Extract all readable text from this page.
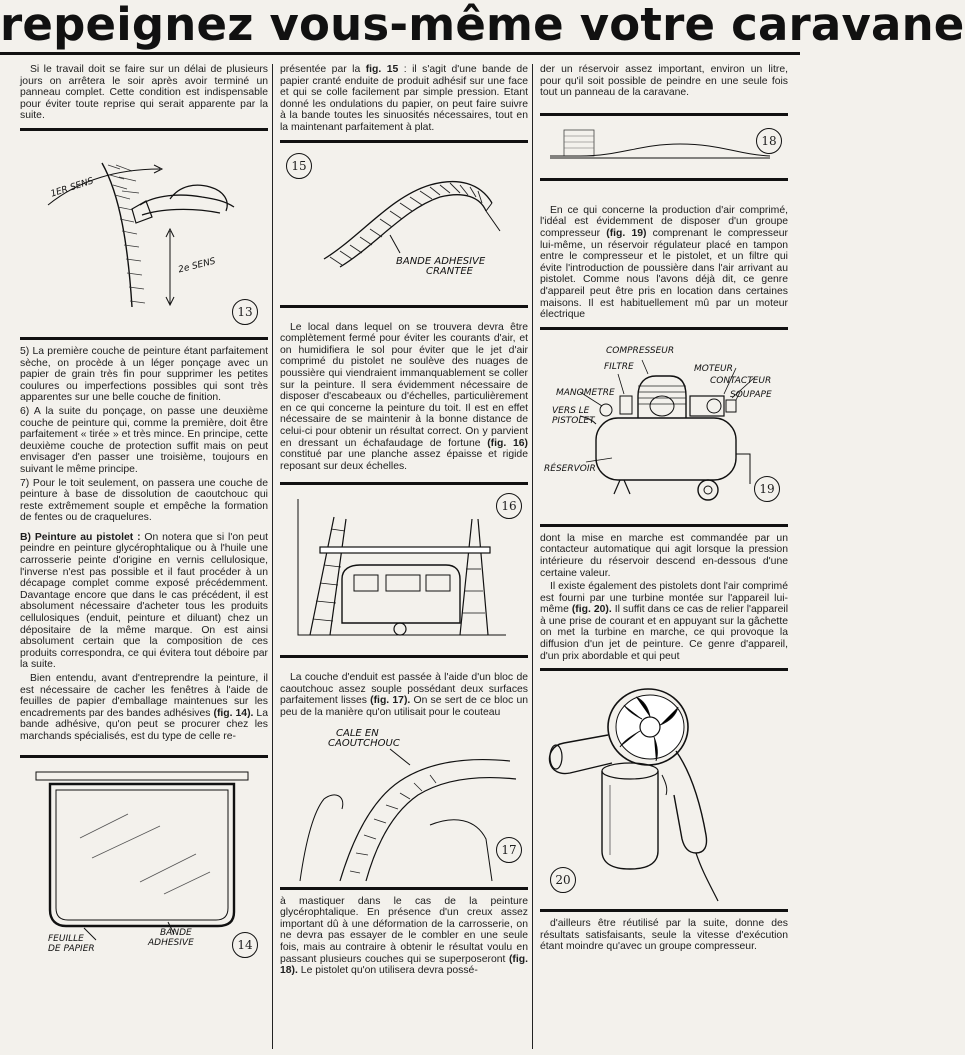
repeignez vous-même votre caravane

Si le travail doit se faire sur un délai de plusieurs jours on arrêtera le soir après avoir terminé un panneau complet. Cette condition est indispensable pour éviter toute reprise qui serait apparente par la suite.

1ER SENS
2e SENS
13

5) La première couche de peinture étant parfaitement sèche, on procède à un léger ponçage avec un papier de grain très fin pour supprimer les petites coulures ou imperfections possibles qui sont très apparentes sur une belle couche de finition.

6) A la suite du ponçage, on passe une deuxième couche de peinture qui, comme la première, doit être parfaitement « tirée » et très mince. En principe, cette deuxième couche de protection suffit mais on peut envisager d'en passer une troisième, toujours en suivant le même principe.

7) Pour le toit seulement, on passera une couche de peinture à base de dissolution de caoutchouc qui reste extrêmement souple et empêche la formation de fentes ou de craquelures.

B) Peinture au pistolet : On notera que si l'on peut peindre en peinture glycérophtalique ou à l'huile une carrosserie peinte d'origine en vernis cellulosique, l'inverse n'est pas possible et il faut procéder à un décapage complet comme exposé précédemment. Davantage encore que dans le cas précédent, il est absolument nécessaire d'acheter tous les produits cellulosiques (enduit, peinture et diluant) chez un dépositaire de la même marque. On est ainsi absolument certain que la composition de ces produits correspondra, ce qui évitera tout déboire par la suite.

Bien entendu, avant d'entreprendre la peinture, il est nécessaire de cacher les fenêtres à l'aide de feuilles de papier d'emballage maintenues sur les encadrements par des bandes adhésives (fig. 14). La bande adhésive, qu'on peut se procurer chez les marchands spécialisés, est du type de celle re-

FEUILLE
DE PAPIER
BANDE
ADHESIVE	14

présentée par la fig. 15 : il s'agit d'une bande de papier cranté enduite de produit adhésif sur une face et qui se colle facilement par simple pression. Etant donné les ondulations du papier, on peut faire suivre à la bande toutes les sinuosités nécessaires, tout en la maintenant parfaitement à plat.

BANDE ADHESIVE
CRANTEE
15

Le local dans lequel on se trouvera devra être complètement fermé pour éviter les courants d'air, et on humidifiera le sol pour éviter que le jet d'air comprimé du pistolet ne soulève des nuages de poussière qui viendraient immanquablement se coller sur la peinture. Il sera évidemment nécessaire de disposer d'escabeaux ou d'échelles, particulièrement en ce qui concerne la peinture du toit. Il est en effet nécessaire de se maintenir à la bonne distance de celui-ci pour obtenir un résultat correct. On y parvient en dressant un échafaudage de fortune (fig. 16) constitué par une planche assez épaisse et rigide reposant sur deux échelles.

16

La couche d'enduit est passée à l'aide d'un bloc de caoutchouc assez souple possédant deux surfaces parfaitement lisses (fig. 17). On se sert de ce bloc un peu de la manière qu'on utilisait pour le couteau

CALE EN
CAOUTCHOUC
17

à mastiquer dans le cas de la peinture glycérophtalique. En présence d'un creux assez important dû à une déformation de la carrosserie, on ne devra pas essayer de le combler en une seule fois, mais au contraire à obtenir le résultat voulu en passant plusieurs couches qui se superposeront (fig. 18). Le pistolet qu'on utilisera devra possé-

der un réservoir assez important, environ un litre, pour qu'il soit possible de peindre en une seule fois tout un panneau de la caravane.

18

En ce qui concerne la production d'air comprimé, l'idéal est évidemment de disposer d'un groupe compresseur (fig. 19) comprenant le compresseur lui-même, un réservoir régulateur placé en tampon entre le compresseur et le pistolet, et un filtre qui évite l'introduction de poussière dans l'air arrivant au pistolet. Comme nous l'avons déjà dit, ce genre d'appareil peut être pris en location dans certaines maisons. Il est habituellement mû par un moteur électrique

COMPRESSEUR
FILTRE	MOTEUR
CONTACTEUR
MANOMETRE	SOUPAPE
VERS LE
PISTOLET
RÉSERVOIR
19

dont la mise en marche est commandée par un contacteur automatique qui agit lorsque la pression intérieure du réservoir descend en-dessous d'une certaine valeur.

Il existe également des pistolets dont l'air comprimé est fourni par une turbine montée sur l'appareil lui-même (fig. 20). Il suffit dans ce cas de relier l'appareil à une prise de courant et en appuyant sur la gâchette on met la turbine en marche, ce qui provoque la diffusion d'un jet de peinture. Ce genre d'appareil, d'un prix abordable et qui peut

20

d'ailleurs être réutilisé par la suite, donne des résultats satisfaisants, seule la vitesse d'exécution étant moindre qu'avec un groupe compresseur.
